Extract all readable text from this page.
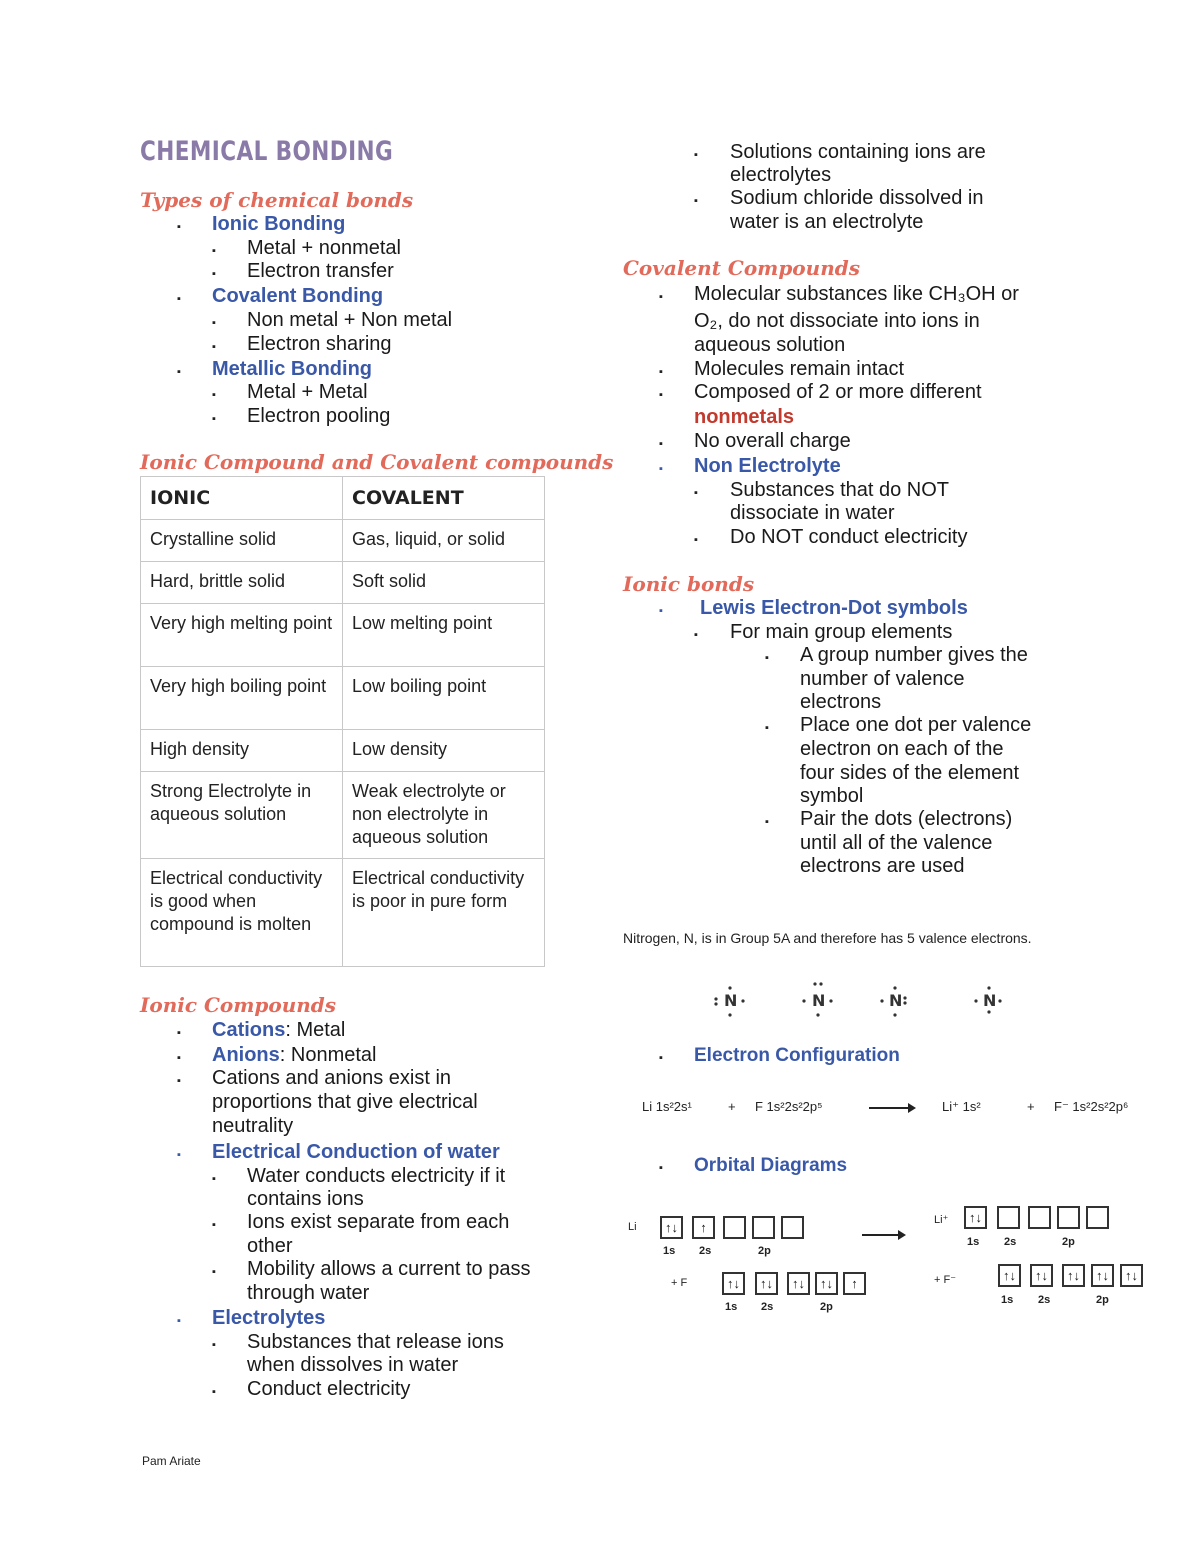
CHEMICAL BONDING
Types of chemical bonds
▪ Ionic Bonding
▪ Metal + nonmetal
▪ Electron transfer
▪ Covalent Bonding
▪ Non metal + Non metal
▪ Electron sharing
▪ Metallic Bonding
▪ Metal + Metal
▪ Electron pooling
Ionic Compound and Covalent compounds
IONIC	COVALENT
Crystalline solid	Gas, liquid, or solid
Hard, brittle solid	Soft solid
Very high melting point	Low melting point
Very high boiling point	Low boiling point
High density	Low density
Strong Electrolyte in aqueous solution	Weak electrolyte or non electrolyte in aqueous solution
Electrical conductivity is good when compound is molten	Electrical conductivity is poor in pure form
Ionic Compounds
▪ Cations: Metal
▪ Anions: Nonmetal
▪ Cations and anions exist in
proportions that give electrical
neutrality
▪ Electrical Conduction of water
▪ Water conducts electricity if it
contains ions
▪ Ions exist separate from each
other
▪ Mobility allows a current to pass
through water
▪ Electrolytes
▪ Substances that release ions
when dissolves in water
▪ Conduct electricity
▪ Solutions containing ions are
electrolytes
▪ Sodium chloride dissolved in
water is an electrolyte
Covalent Compounds
▪ Molecular substances like CH₃OH or
O₂, do not dissociate into ions in
aqueous solution
▪ Molecules remain intact
▪ Composed of 2 or more different
nonmetals
▪ No overall charge
▪ Non Electrolyte
▪ Substances that do NOT
dissociate in water
▪ Do NOT conduct electricity
Ionic bonds
▪ Lewis Electron-Dot symbols
▪ For main group elements
▪ A group number gives the
number of valence
electrons
▪ Place one dot per valence
electron on each of the
four sides of the element
symbol
▪ Pair the dots (electrons)
until all of the valence
electrons are used
Nitrogen, N, is in Group 5A and therefore has 5 valence electrons.
N	N	N	N
▪ Electron Configuration
Li 1s²2s¹	+ F 1s²2s²2p⁵	Li⁺ 1s²	+ F⁻ 1s²2s²2p⁶
▪ Orbital Diagrams
Li	↑↓	↑
1s 2s	2p
+ F	↑↓	↑↓	↑↓	↑↓	↑
1s 2s	2p
Li⁺	↑↓
1s 2s	2p
+ F⁻	↑↓	↑↓	↑↓	↑↓	↑↓
1s 2s	2p
Pam Ariate
